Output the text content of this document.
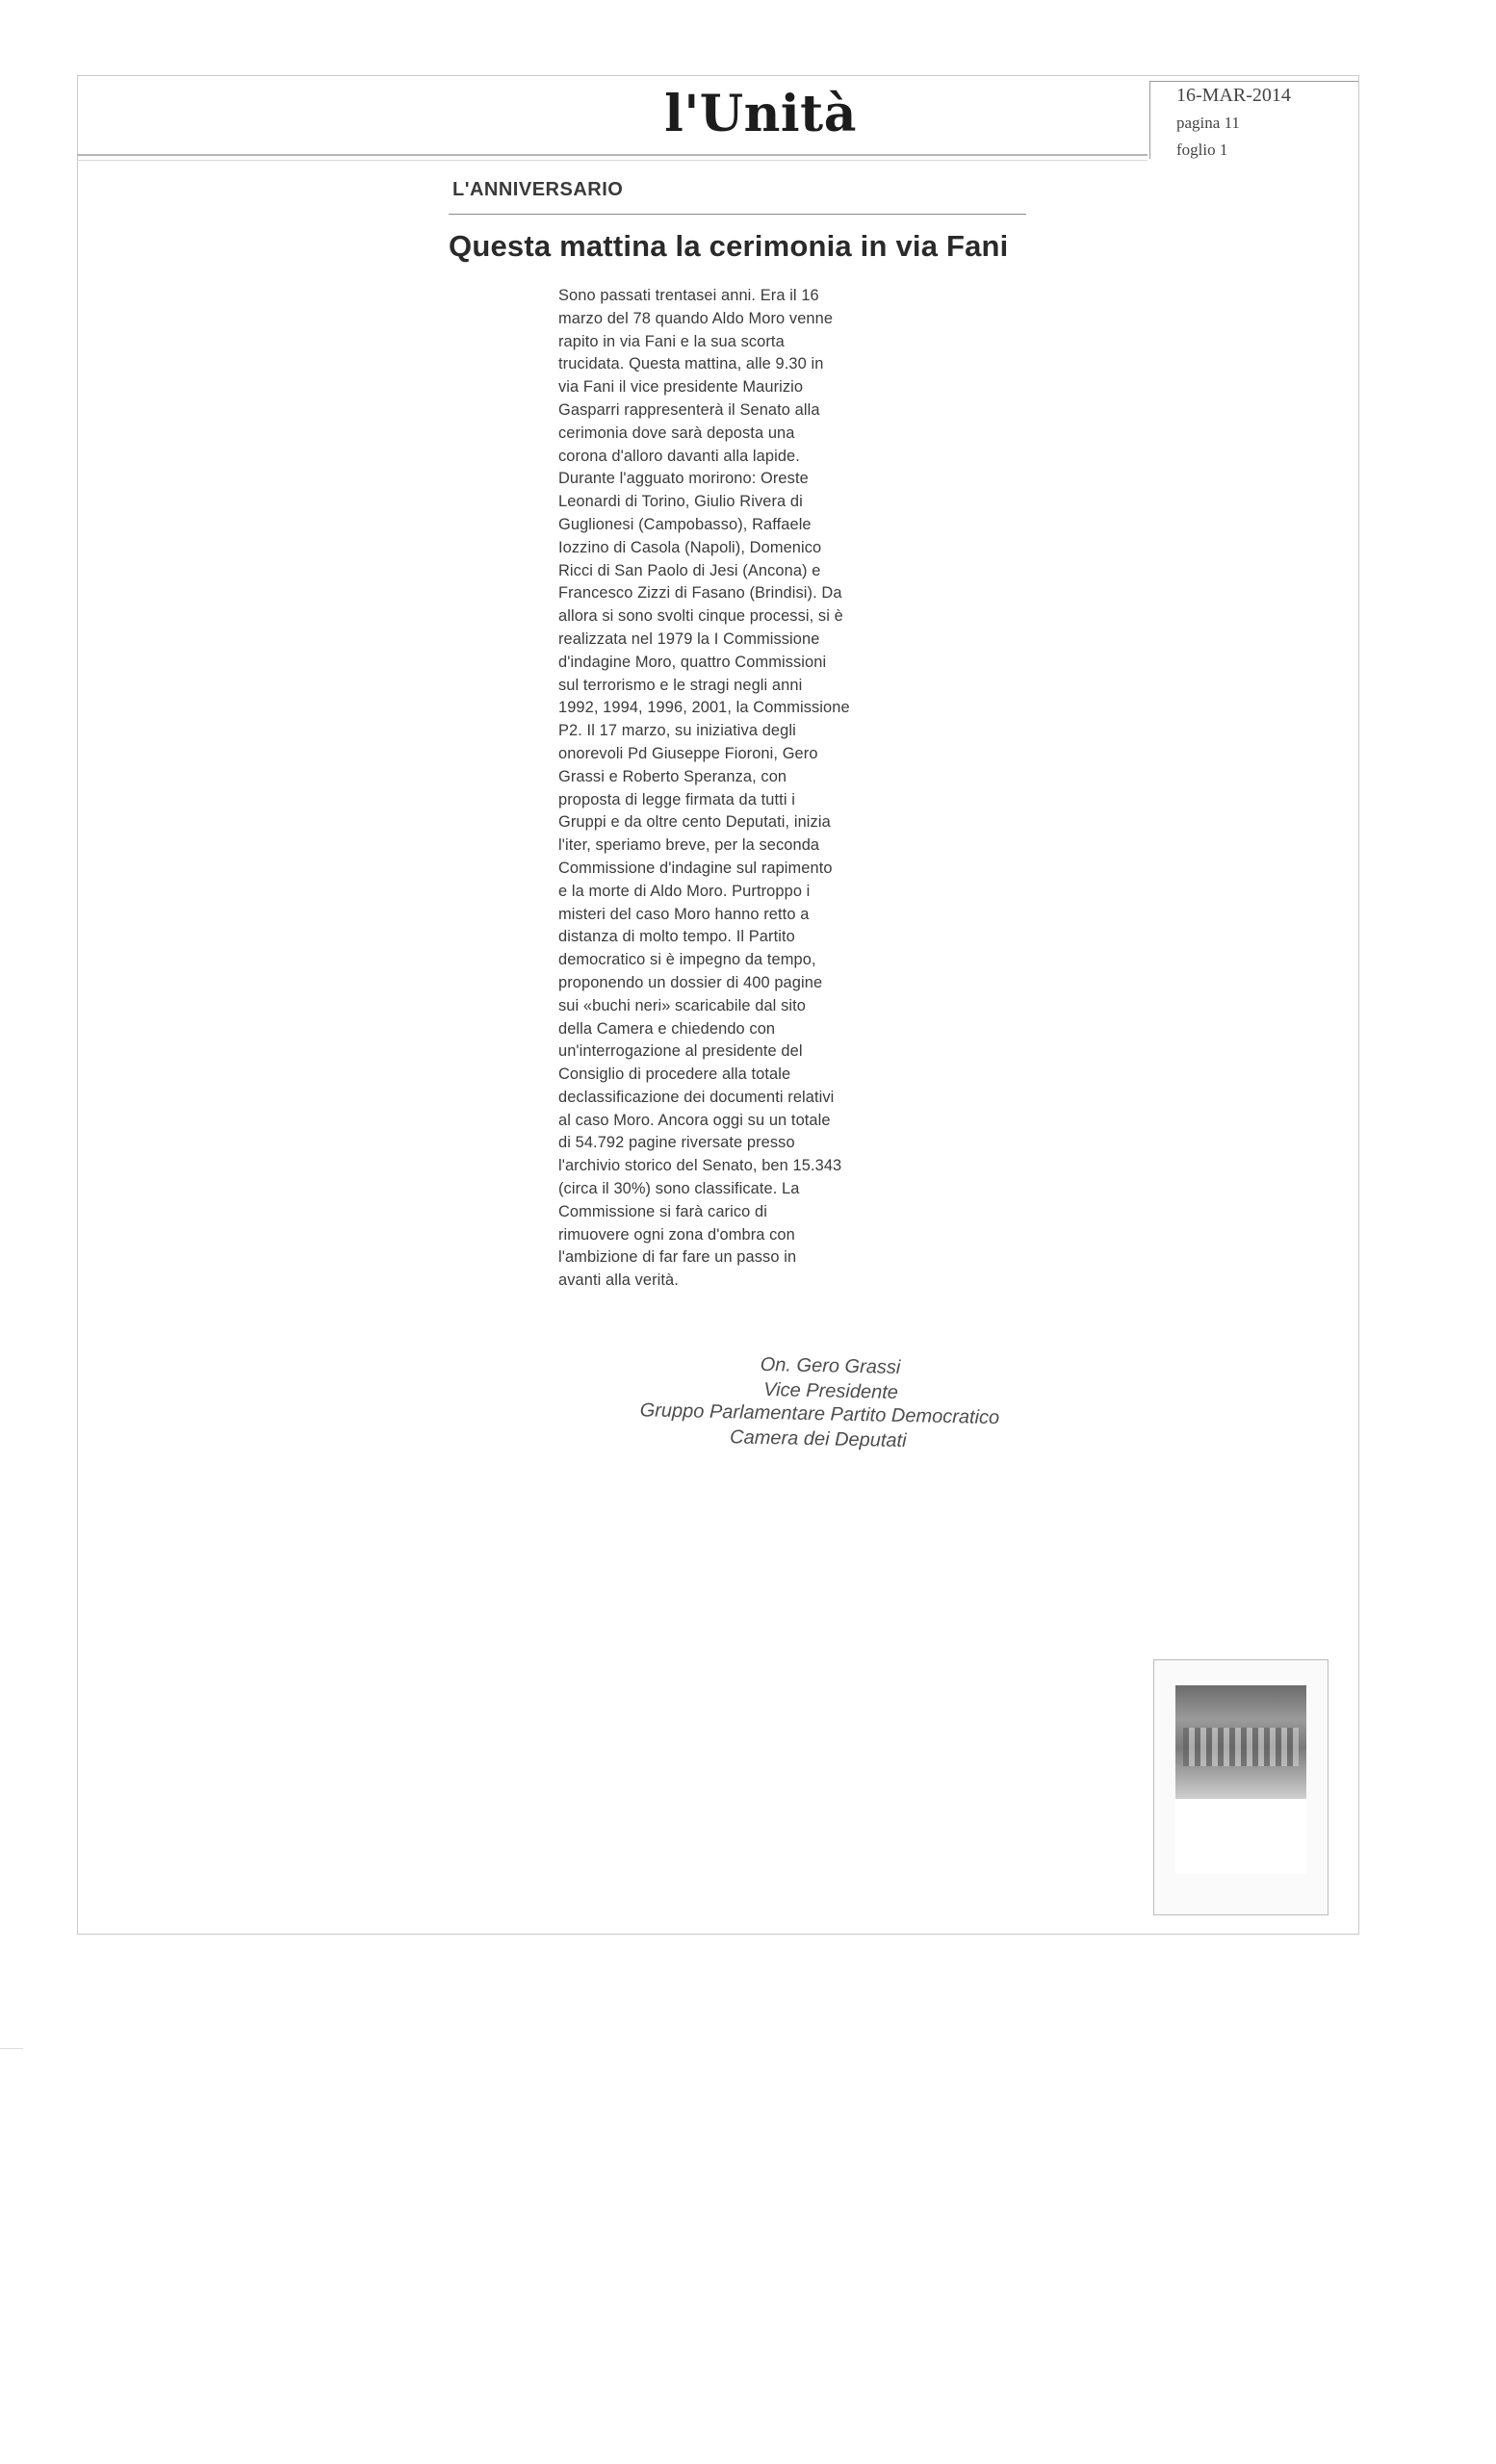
l'Unità	16-MAR-2014
pagina 11
foglio 1
L'ANNIVERSARIO
Questa mattina la cerimonia in via Fani
Sono passati trentasei anni. Era il 16
marzo del 78 quando Aldo Moro venne
rapito in via Fani e la sua scorta
trucidata. Questa mattina, alle 9.30 in
via Fani il vice presidente Maurizio
Gasparri rappresenterà il Senato alla
cerimonia dove sarà deposta una
corona d'alloro davanti alla lapide.
Durante l'agguato morirono: Oreste
Leonardi di Torino, Giulio Rivera di
Guglionesi (Campobasso), Raffaele
Iozzino di Casola (Napoli), Domenico
Ricci di San Paolo di Jesi (Ancona) e
Francesco Zizzi di Fasano (Brindisi). Da
allora si sono svolti cinque processi, si è
realizzata nel 1979 la I Commissione
d'indagine Moro, quattro Commissioni
sul terrorismo e le stragi negli anni
1992, 1994, 1996, 2001, la Commissione
P2. Il 17 marzo, su iniziativa degli
onorevoli Pd Giuseppe Fioroni, Gero
Grassi e Roberto Speranza, con
proposta di legge firmata da tutti i
Gruppi e da oltre cento Deputati, inizia
l'iter, speriamo breve, per la seconda
Commissione d'indagine sul rapimento
e la morte di Aldo Moro. Purtroppo i
misteri del caso Moro hanno retto a
distanza di molto tempo. Il Partito
democratico si è impegno da tempo,
proponendo un dossier di 400 pagine
sui «buchi neri» scaricabile dal sito
della Camera e chiedendo con
un'interrogazione al presidente del
Consiglio di procedere alla totale
declassificazione dei documenti relativi
al caso Moro. Ancora oggi su un totale
di 54.792 pagine riversate presso
l'archivio storico del Senato, ben 15.343
(circa il 30%) sono classificate. La
Commissione si farà carico di
rimuovere ogni zona d'ombra con
l'ambizione di far fare un passo in
avanti alla verità.
On. Gero Grassi
Vice Presidente
Gruppo Parlamentare Partito Democratico
Camera dei Deputati
